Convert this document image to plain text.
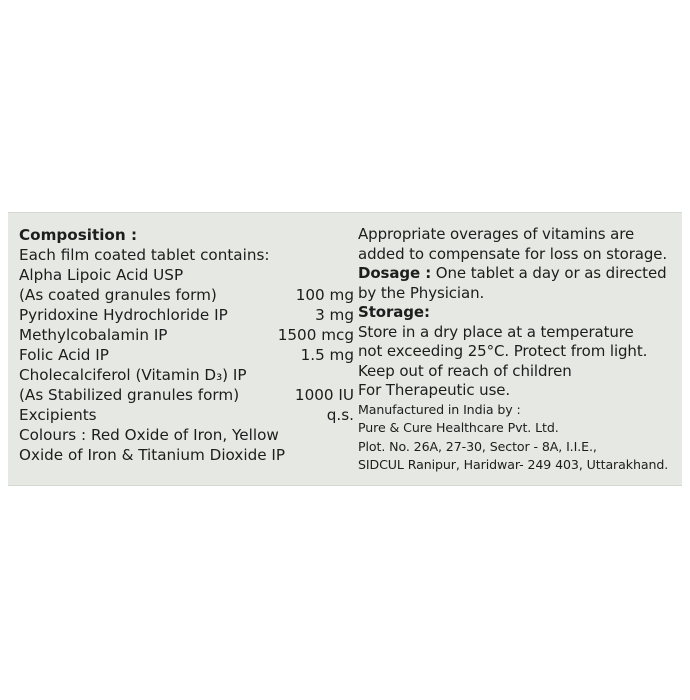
Composition :
Each film coated tablet contains:
Alpha Lipoic Acid USP
(As coated granules form)	100 mg
Pyridoxine Hydrochloride IP	3 mg
Methylcobalamin IP	1500 mcg
Folic Acid IP	1.5 mg
Cholecalciferol (Vitamin D₃) IP
(As Stabilized granules form)	1000 IU
Excipients	q.s.
Colours : Red Oxide of Iron, Yellow
Oxide of Iron & Titanium Dioxide IP
Appropriate overages of vitamins are
added to compensate for loss on storage.
Dosage : One tablet a day or as directed
by the Physician.
Storage:
Store in a dry place at a temperature
not exceeding 25°C. Protect from light.
Keep out of reach of children
For Therapeutic use.
Manufactured in India by :
Pure & Cure Healthcare Pvt. Ltd.
Plot. No. 26A, 27-30, Sector - 8A, I.I.E.,
SIDCUL Ranipur, Haridwar- 249 403, Uttarakhand.
